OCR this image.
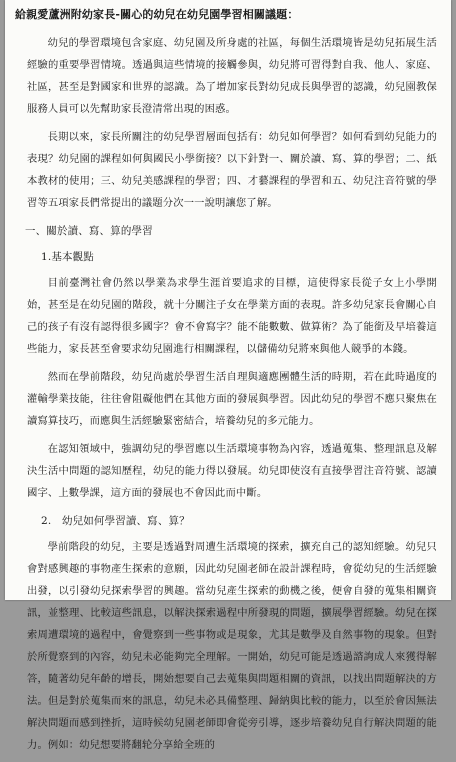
給親愛蘆洲附幼家長-關心的幼兒在幼兒園學習相關議題：

幼兒的學習環境包含家庭、幼兒園及所身處的社區，每個生活環境皆是幼兒拓展生活經驗的重要學習情境。透過與這些情境的接觸參與，幼兒將可習得對自我、他人、家庭、社區，甚至是對國家和世界的認識。為了增加家長對幼兒成長與學習的認識，幼兒園教保服務人員可以先幫助家長澄清常出現的困惑。

長期以來，家長所關注的幼兒學習層面包括有：幼兒如何學習？如何看到幼兒能力的表現？幼兒園的課程如何與國民小學銜接？以下針對一、關於讀、寫、算的學習；二、紙本教材的使用；三、幼兒美感課程的學習；四、才藝課程的學習和五、幼兒注音符號的學習等五項家長們常提出的議題分次一一說明讓您了解。

一、關於讀、寫、算的學習
1.基本觀點

目前臺灣社會仍然以學業為求學生涯首要追求的目標，這使得家長從子女上小學開始，甚至是在幼兒園的階段，就十分關注子女在學業方面的表現。許多幼兒家長會關心自己的孩子有沒有認得很多國字？會不會寫字？能不能數數、做算術？為了能銜及早培養這些能力，家長甚至會要求幼兒園進行相關課程，以儲備幼兒將來與他人競爭的本錢。

然而在學前階段，幼兒尚處於學習生活自理與適應團體生活的時期，若在此時過度的灌輸學業技能，往往會阻礙他們在其他方面的發展與學習。因此幼兒的學習不應只聚焦在讀寫算技巧，而應與生活經驗緊密結合，培養幼兒的多元能力。

在認知領域中，強調幼兒的學習應以生活環境事物為內容，透過蒐集、整理訊息及解決生活中問題的認知歷程，幼兒的能力得以發展。幼兒即使沒有直接學習注音符號、認讀國字、上數學課，這方面的發展也不會因此而中斷。

2.　幼兒如何學習讀、寫、算？

學前階段的幼兒，主要是透過對周遭生活環境的探索，擴充自己的認知經驗。幼兒只會對感興趣的事物產生探索的意願，因此幼兒園老師在設計課程時，會從幼兒的生活經驗出發，以引發幼兒探索學習的興趣。當幼兒產生探索的動機之後，便會自發的蒐集相關資訊，並整理、比較這些訊息，以解決探索過程中所發現的問題，擴展學習經驗。幼兒在探索周遭環境的過程中，會覺察到一些事物或是現象，尤其是數學及自然事物的現象。但對於所覺察到的內容，幼兒未必能夠完全理解。一開始，幼兒可能是透過諮詢成人來獲得解答，隨著幼兒年齡的增長，開始想要自己去蒐集與問題相關的資訊，以找出問題解決的方法。但是對於蒐集而來的訊息，幼兒未必具備整理、歸納與比較的能力，以至於會因無法解決問題而感到挫折，這時候幼兒園老師即會從旁引導，逐步培養幼兒自行解決問題的能力。例如：幼兒想要將翻轮分享給全班的
